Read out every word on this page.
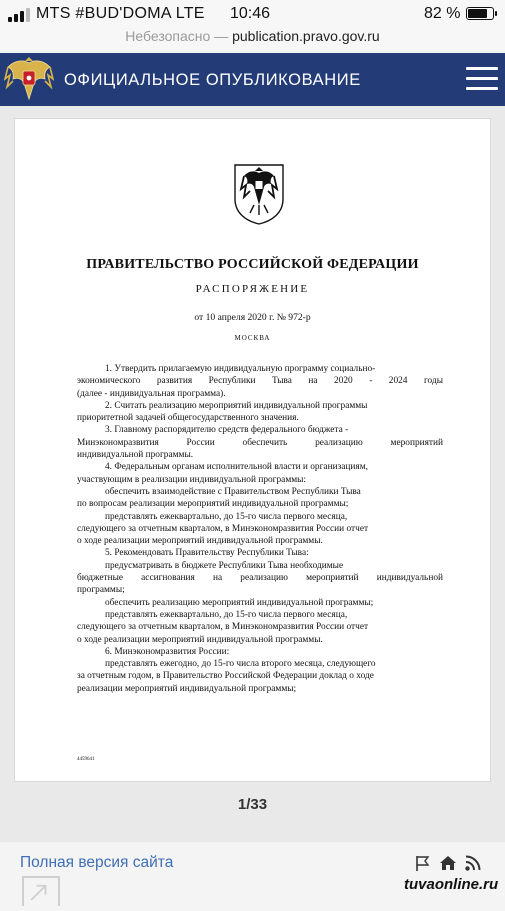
MTS #BUD'DOMA LTE 10:46	82 %
Небезопасно — publication.pravo.gov.ru
ОФИЦИАЛЬНОЕ ОПУБЛИКОВАНИЕ
ПРАВИТЕЛЬСТВО РОССИЙСКОЙ ФЕДЕРАЦИИ
РАСПОРЯЖЕНИЕ
от 10 апреля 2020 г. № 972-р
МОСКВА

1. Утвердить прилагаемую индивидуальную программу социально-

экономического развития Республики Тыва на 2020 - 2024 годы

(далее - индивидуальная программа).

2. Считать реализацию мероприятий индивидуальной программы

приоритетной задачей общегосударственного значения.

3. Главному распорядителю средств федерального бюджета -

Минэкономразвития России обеспечить реализацию мероприятий

индивидуальной программы.

4. Федеральным органам исполнительной власти и организациям,

участвующим в реализации индивидуальной программы:

обеспечить взаимодействие с Правительством Республики Тыва

по вопросам реализации мероприятий индивидуальной программы;

представлять ежеквартально, до 15-го числа первого месяца,

следующего за отчетным кварталом, в Минэкономразвития России отчет

о ходе реализации мероприятий индивидуальной программы.

5. Рекомендовать Правительству Республики Тыва:

предусматривать в бюджете Республики Тыва необходимые

бюджетные ассигнования на реализацию мероприятий индивидуальной

программы;

обеспечить реализацию мероприятий индивидуальной программы;

представлять ежеквартально, до 15-го числа первого месяца,

следующего за отчетным кварталом, в Минэкономразвития России отчет

о ходе реализации мероприятий индивидуальной программы.

6. Минэкономразвития России:

представлять ежегодно, до 15-го числа второго месяца, следующего

за отчетным годом, в Правительство Российской Федерации доклад о ходе

реализации мероприятий индивидуальной программы;

4459641
1/33
Полная версия сайта
tuvaonline.ru
